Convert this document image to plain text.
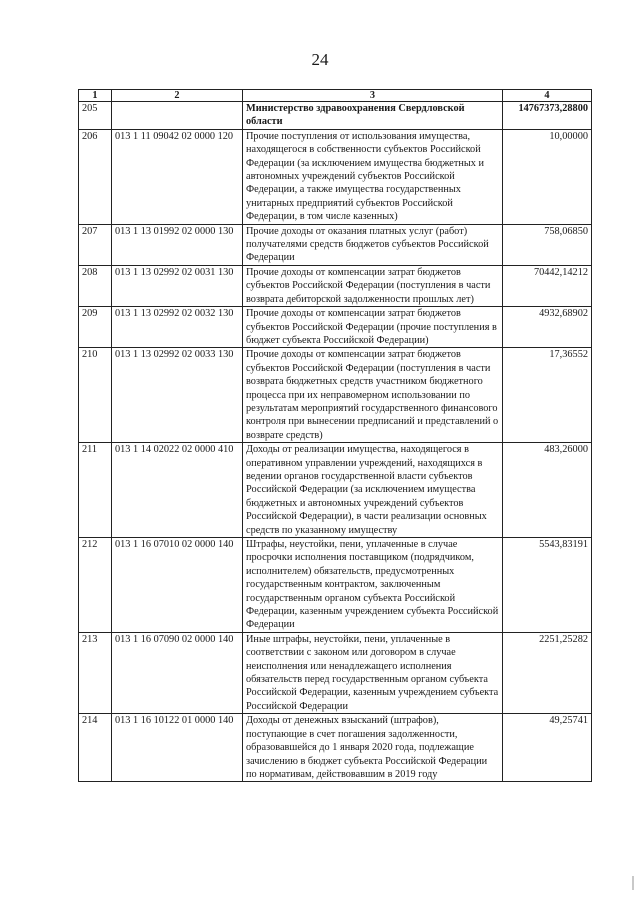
24
1	2	3	4
205		Министерство здравоохранения Свердловской области	14767373,28800
206	013 1 11 09042 02 0000 120	Прочие поступления от использования имущества, находящегося в собственности субъектов Российской Федерации (за исключением имущества бюджетных и автономных учреждений субъектов Российской Федерации, а также имущества государственных унитарных предприятий субъектов Российской Федерации, в том числе казенных)	10,00000
207	013 1 13 01992 02 0000 130	Прочие доходы от оказания платных услуг (работ) получателями средств бюджетов субъектов Российской Федерации	758,06850
208	013 1 13 02992 02 0031 130	Прочие доходы от компенсации затрат бюджетов субъектов Российской Федерации (поступления в части возврата дебиторской задолженности прошлых лет)	70442,14212
209	013 1 13 02992 02 0032 130	Прочие доходы от компенсации затрат бюджетов субъектов Российской Федерации (прочие поступления в бюджет субъекта Российской Федерации)	4932,68902
210	013 1 13 02992 02 0033 130	Прочие доходы от компенсации затрат бюджетов субъектов Российской Федерации (поступления в части возврата бюджетных средств участником бюджетного процесса при их неправомерном использовании по результатам мероприятий государственного финансового контроля при вынесении предписаний и представлений о возврате средств)	17,36552
211	013 1 14 02022 02 0000 410	Доходы от реализации имущества, находящегося в оперативном управлении учреждений, находящихся в ведении органов государственной власти субъектов Российской Федерации (за исключением имущества бюджетных и автономных учреждений субъектов Российской Федерации), в части реализации основных средств по указанному имуществу	483,26000
212	013 1 16 07010 02 0000 140	Штрафы, неустойки, пени, уплаченные в случае просрочки исполнения поставщиком (подрядчиком, исполнителем) обязательств, предусмотренных государственным контрактом, заключенным государственным органом субъекта Российской Федерации, казенным учреждением субъекта Российской Федерации	5543,83191
213	013 1 16 07090 02 0000 140	Иные штрафы, неустойки, пени, уплаченные в соответствии с законом или договором в случае неисполнения или ненадлежащего исполнения обязательств перед государственным органом субъекта Российской Федерации, казенным учреждением субъекта Российской Федерации	2251,25282
214	013 1 16 10122 01 0000 140	Доходы от денежных взысканий (штрафов), поступающие в счет погашения задолженности, образовавшейся до 1 января 2020 года, подлежащие зачислению в бюджет субъекта Российской Федерации по нормативам, действовавшим в 2019 году	49,25741
